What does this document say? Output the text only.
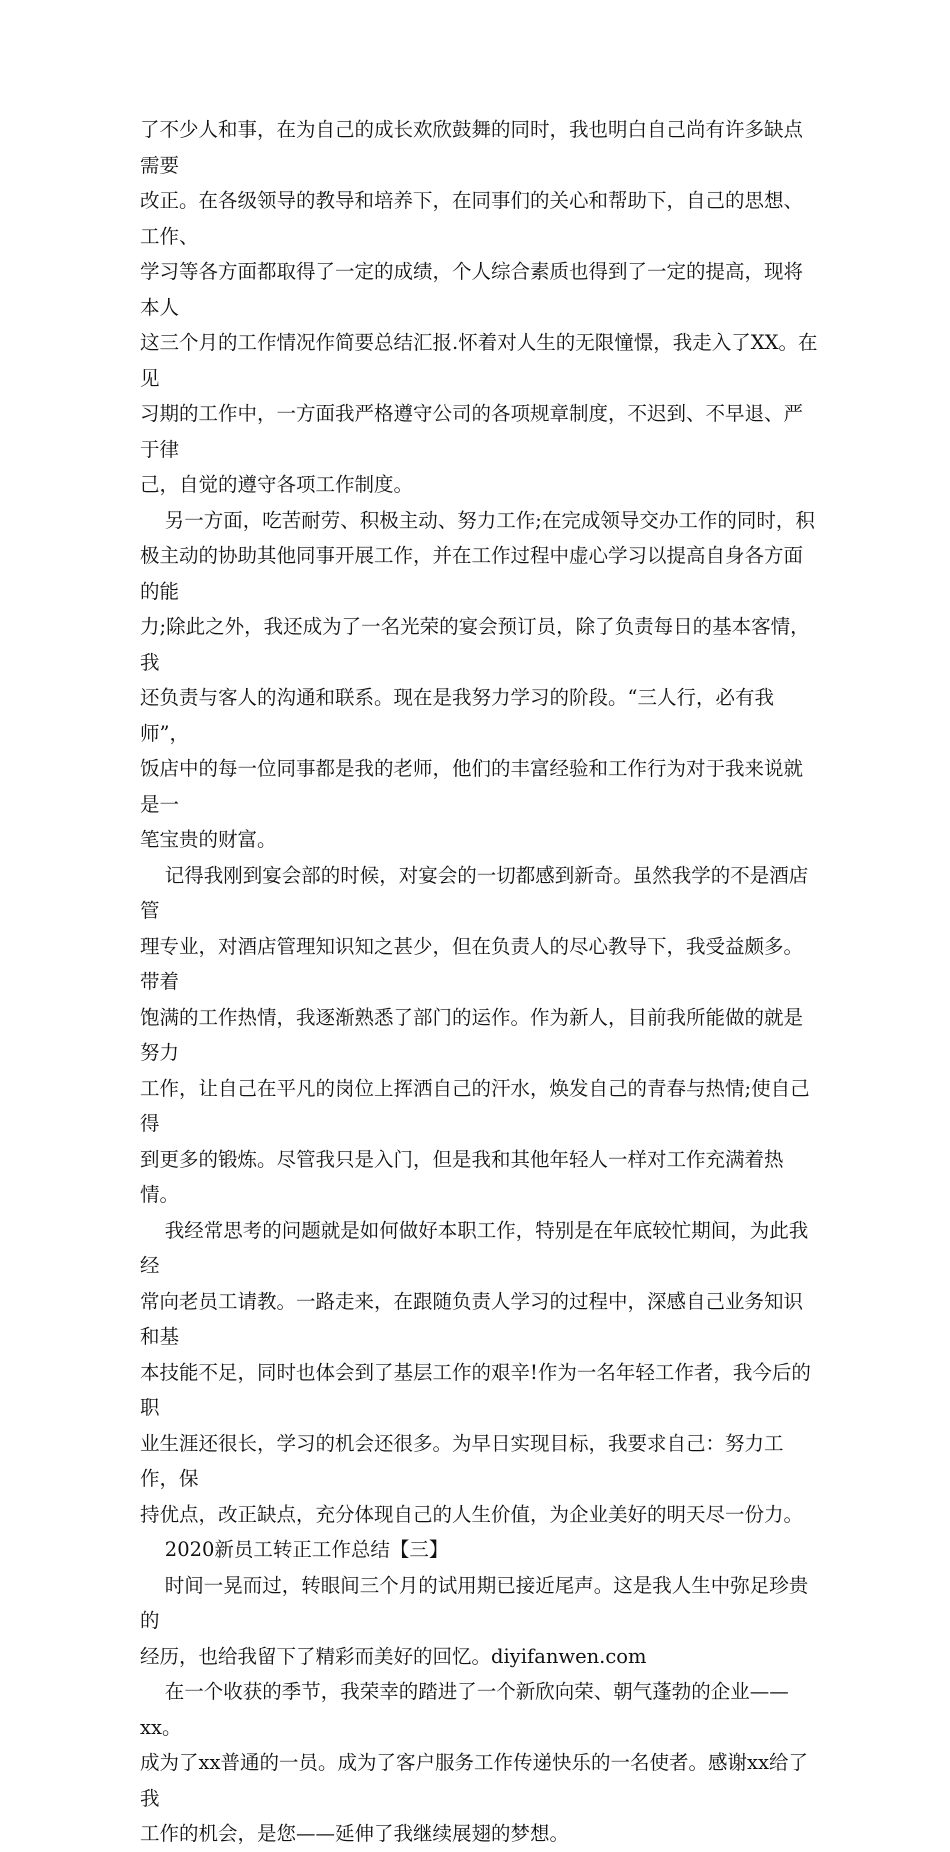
了不少人和事，在为自己的成长欢欣鼓舞的同时，我也明白自己尚有许多缺点需要

改正。在各级领导的教导和培养下，在同事们的关心和帮助下，自己的思想、工作、

学习等各方面都取得了一定的成绩，个人综合素质也得到了一定的提高，现将本人

这三个月的工作情况作简要总结汇报.怀着对人生的无限憧憬，我走入了XX。在见

习期的工作中，一方面我严格遵守公司的各项规章制度，不迟到、不早退、严于律

己，自觉的遵守各项工作制度。

另一方面，吃苦耐劳、积极主动、努力工作;在完成领导交办工作的同时，积

极主动的协助其他同事开展工作，并在工作过程中虚心学习以提高自身各方面的能

力;除此之外，我还成为了一名光荣的宴会预订员，除了负责每日的基本客情，我

还负责与客人的沟通和联系。现在是我努力学习的阶段。“三人行，必有我师”，

饭店中的每一位同事都是我的老师，他们的丰富经验和工作行为对于我来说就是一

笔宝贵的财富。

记得我刚到宴会部的时候，对宴会的一切都感到新奇。虽然我学的不是酒店管

理专业，对酒店管理知识知之甚少，但在负责人的尽心教导下，我受益颇多。带着

饱满的工作热情，我逐渐熟悉了部门的运作。作为新人，目前我所能做的就是努力

工作，让自己在平凡的岗位上挥洒自己的汗水，焕发自己的青春与热情;使自己得

到更多的锻炼。尽管我只是入门，但是我和其他年轻人一样对工作充满着热情。

我经常思考的问题就是如何做好本职工作，特别是在年底较忙期间，为此我经

常向老员工请教。一路走来，在跟随负责人学习的过程中，深感自己业务知识和基

本技能不足，同时也体会到了基层工作的艰辛!作为一名年轻工作者，我今后的职

业生涯还很长，学习的机会还很多。为早日实现目标，我要求自己：努力工作，保

持优点，改正缺点，充分体现自己的人生价值，为企业美好的明天尽一份力。

2020新员工转正工作总结【三】

时间一晃而过，转眼间三个月的试用期已接近尾声。这是我人生中弥足珍贵的

经历，也给我留下了精彩而美好的回忆。diyifanwen.com

在一个收获的季节，我荣幸的踏进了一个新欣向荣、朝气蓬勃的企业——xx。

成为了xx普通的一员。成为了客户服务工作传递快乐的一名使者。感谢xx给了我

工作的机会，是您——延伸了我继续展翅的梦想。
